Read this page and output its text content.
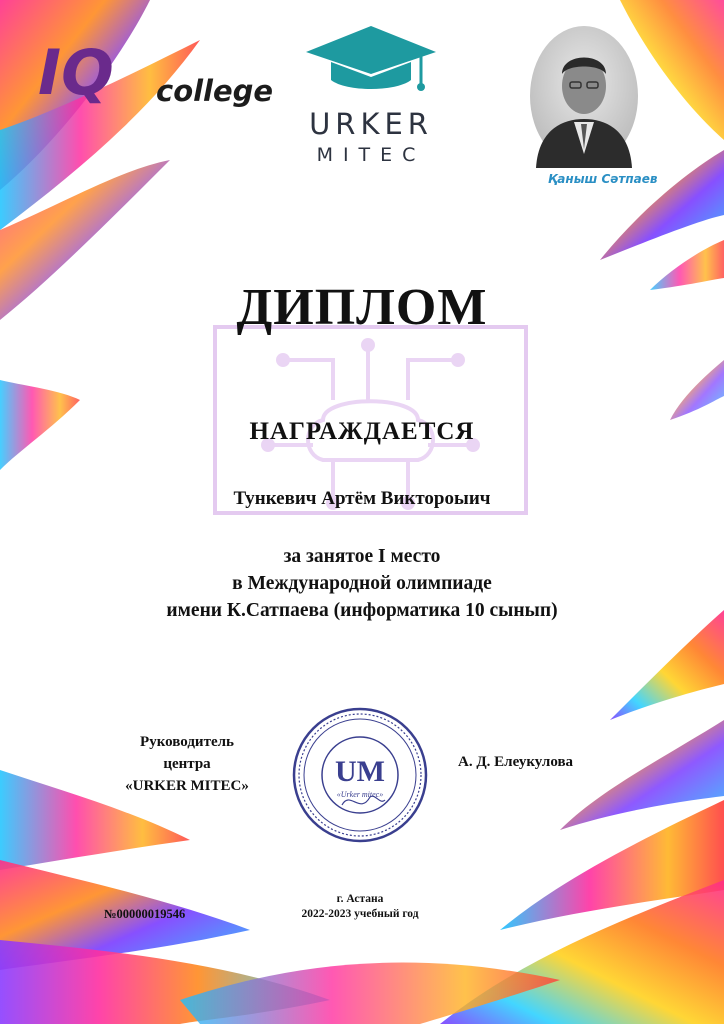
IQ college
URKER
MITEC
Қаныш Сәтпаев
ДИПЛОМ
НАГРАЖДАЕТСЯ
Тункевич Артём Викторoыич
за занятое I место
в Международной олимпиаде
имени К.Сатпаева (информатика 10 сынып)
Руководитель
центра
«URKER MITEC»	UM
«Urker mitec»
А. Д. Елеукулова
№00000019546
г. Астана
2022-2023 учебный год
